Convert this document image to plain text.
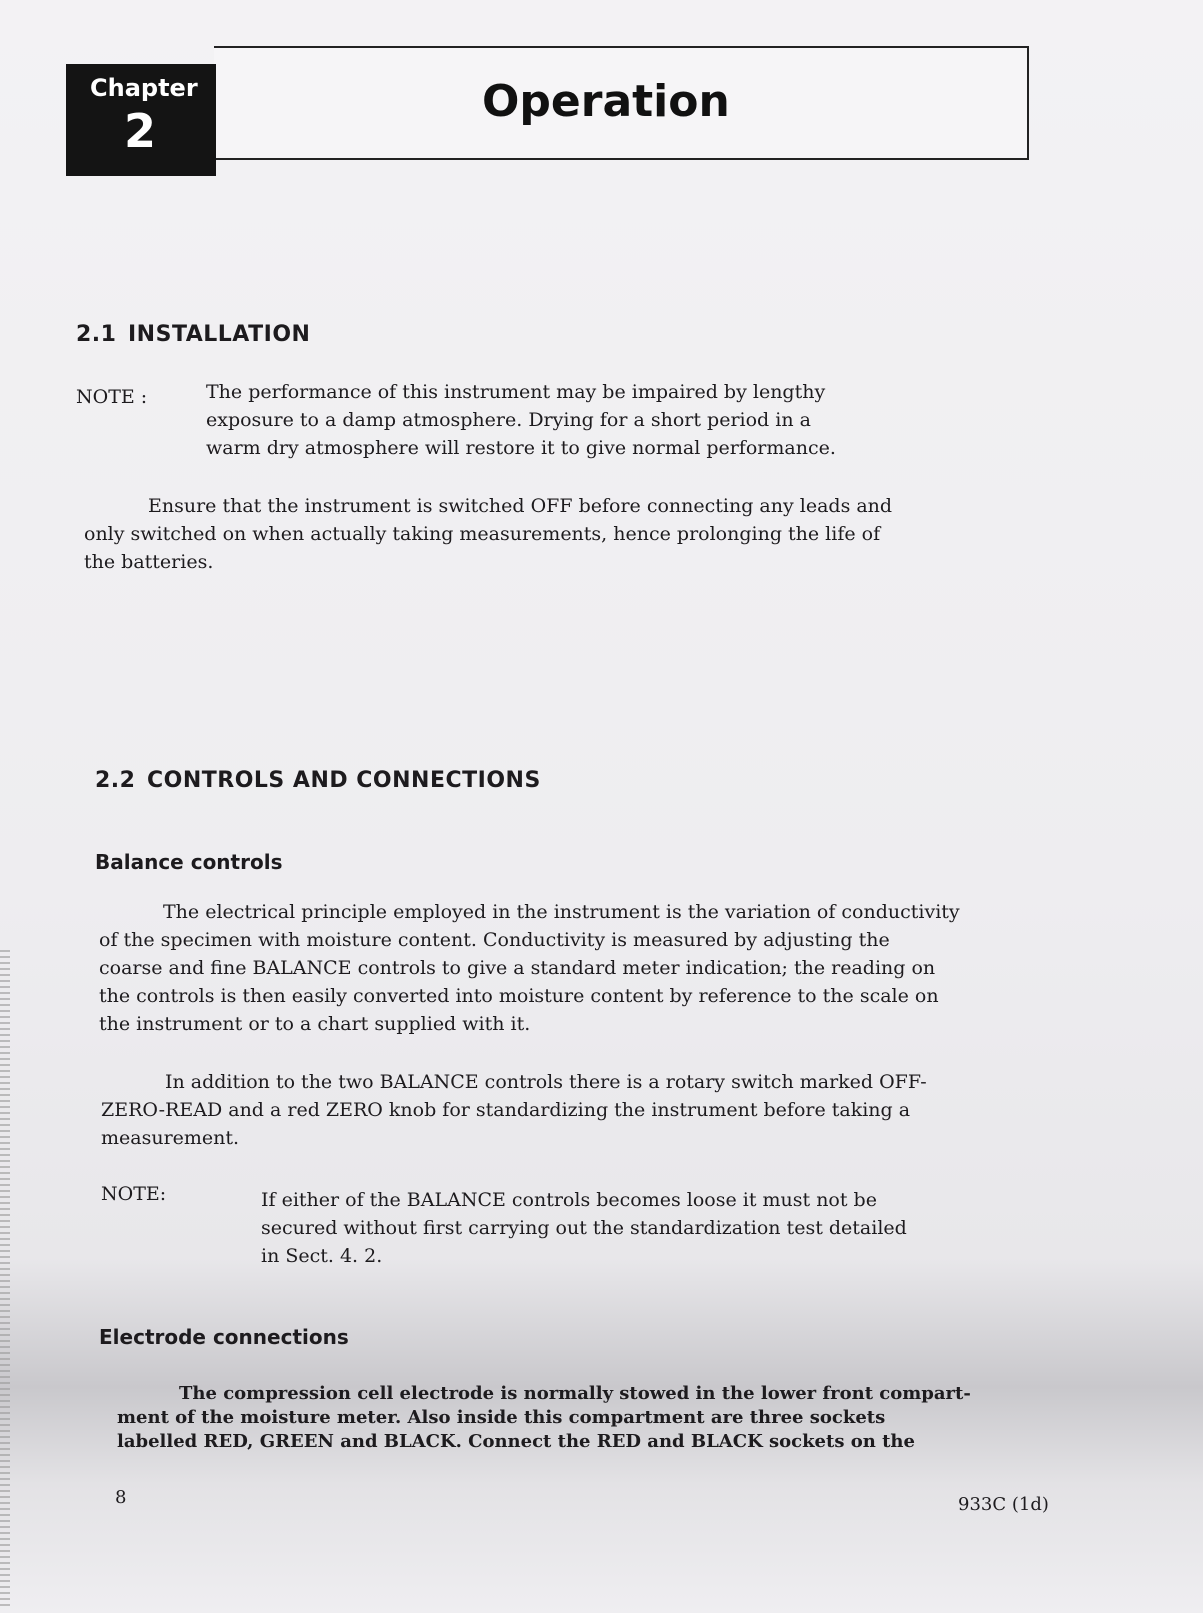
Operation
Chapter
2
2.1 INSTALLATION
NOTE :	The performance of this instrument may be impaired by lengthy
exposure to a damp atmosphere. Drying for a short period in a
warm dry atmosphere will restore it to give normal performance.
Ensure that the instrument is switched OFF before connecting any leads and
only switched on when actually taking measurements, hence prolonging the life of
the batteries.
2.2 CONTROLS AND CONNECTIONS
Balance controls
The electrical principle employed in the instrument is the variation of conductivity
of the specimen with moisture content. Conductivity is measured by adjusting the
coarse and fine BALANCE controls to give a standard meter indication; the reading on
the controls is then easily converted into moisture content by reference to the scale on
the instrument or to a chart supplied with it.
In addition to the two BALANCE controls there is a rotary switch marked OFF-
ZERO-READ and a red ZERO knob for standardizing the instrument before taking a
measurement.
NOTE:	If either of the BALANCE controls becomes loose it must not be
secured without first carrying out the standardization test detailed
in Sect. 4. 2.
Electrode connections
The compression cell electrode is normally stowed in the lower front compart-
ment of the moisture meter. Also inside this compartment are three sockets
labelled RED, GREEN and BLACK. Connect the RED and BLACK sockets on the
8	933C (1d)
